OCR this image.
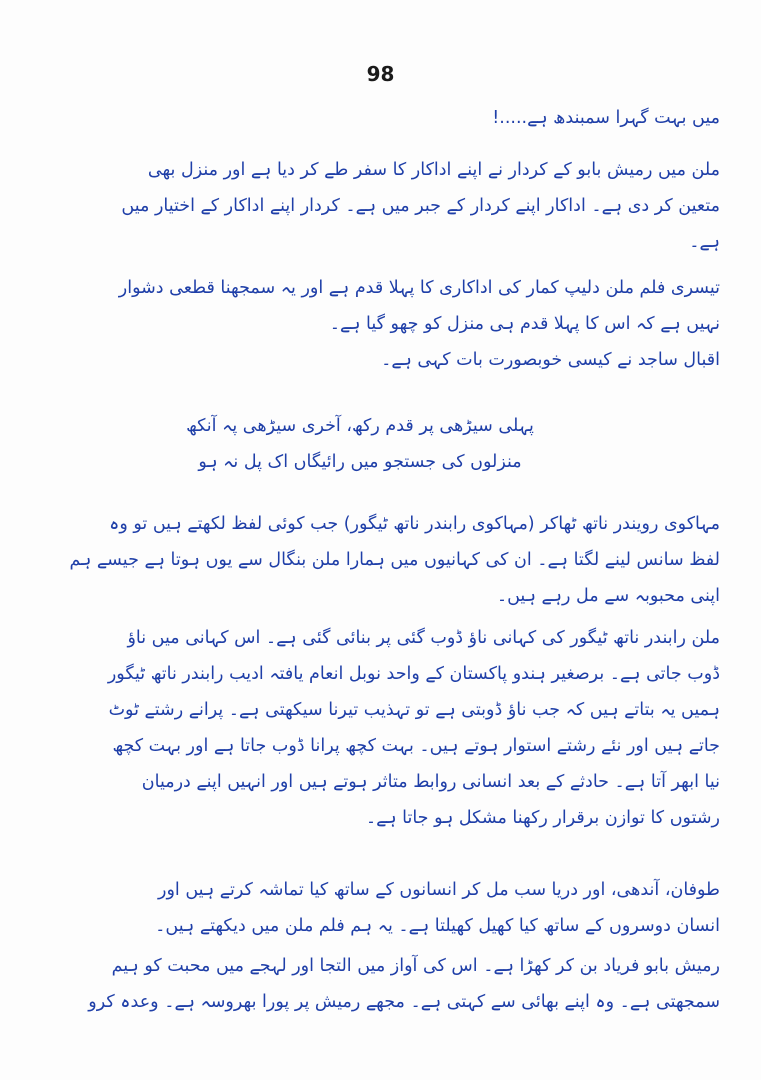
98
میں بہت گہرا سمبندھ ہے.....!
ملن میں رمیش بابو کے کردار نے اپنے اداکار کا سفر طے کر دیا ہے اور منزل بھی
متعین کر دی ہے۔ اداکار اپنے کردار کے جبر میں ہے۔ کردار اپنے اداکار کے اختیار میں
ہے۔
تیسری فلم ملن دلیپ کمار کی اداکاری کا پہلا قدم ہے اور یہ سمجھنا قطعی دشوار
نہیں ہے کہ اس کا پہلا قدم ہی منزل کو چھو گیا ہے۔
اقبال ساجد نے کیسی خوبصورت بات کہی ہے۔
پہلی سیڑھی پر قدم رکھ، آخری سیڑھی پہ آنکھ
منزلوں کی جستجو میں رائیگاں اک پل نہ ہو
مہاکوی رویندر ناتھ ٹھاکر (مہاکوی رابندر ناتھ ٹیگور) جب کوئی لفظ لکھتے ہیں تو وہ
لفظ سانس لینے لگتا ہے۔ ان کی کہانیوں میں ہمارا ملن بنگال سے یوں ہوتا ہے جیسے ہم
اپنی محبوبہ سے مل رہے ہیں۔
ملن رابندر ناتھ ٹیگور کی کہانی ناؤ ڈوب گئی پر بنائی گئی ہے۔ اس کہانی میں ناؤ
ڈوب جاتی ہے۔ برصغیر ہندو پاکستان کے واحد نوبل انعام یافتہ ادیب رابندر ناتھ ٹیگور
ہمیں یہ بتاتے ہیں کہ جب ناؤ ڈوبتی ہے تو تہذیب تیرنا سیکھتی ہے۔ پرانے رشتے ٹوٹ
جاتے ہیں اور نئے رشتے استوار ہوتے ہیں۔ بہت کچھ پرانا ڈوب جاتا ہے اور بہت کچھ
نیا ابھر آتا ہے۔ حادثے کے بعد انسانی روابط متاثر ہوتے ہیں اور انہیں اپنے درمیان
رشتوں کا توازن برقرار رکھنا مشکل ہو جاتا ہے۔
طوفان، آندھی، اور دریا سب مل کر انسانوں کے ساتھ کیا تماشہ کرتے ہیں اور
انسان دوسروں کے ساتھ کیا کھیل کھیلتا ہے۔ یہ ہم فلم ملن میں دیکھتے ہیں۔
رمیش بابو فریاد بن کر کھڑا ہے۔ اس کی آواز میں التجا اور لہجے میں محبت کو ہیم
سمجھتی ہے۔ وہ اپنے بھائی سے کہتی ہے۔ مجھے رمیش پر پورا بھروسہ ہے۔ وعدہ کرو
